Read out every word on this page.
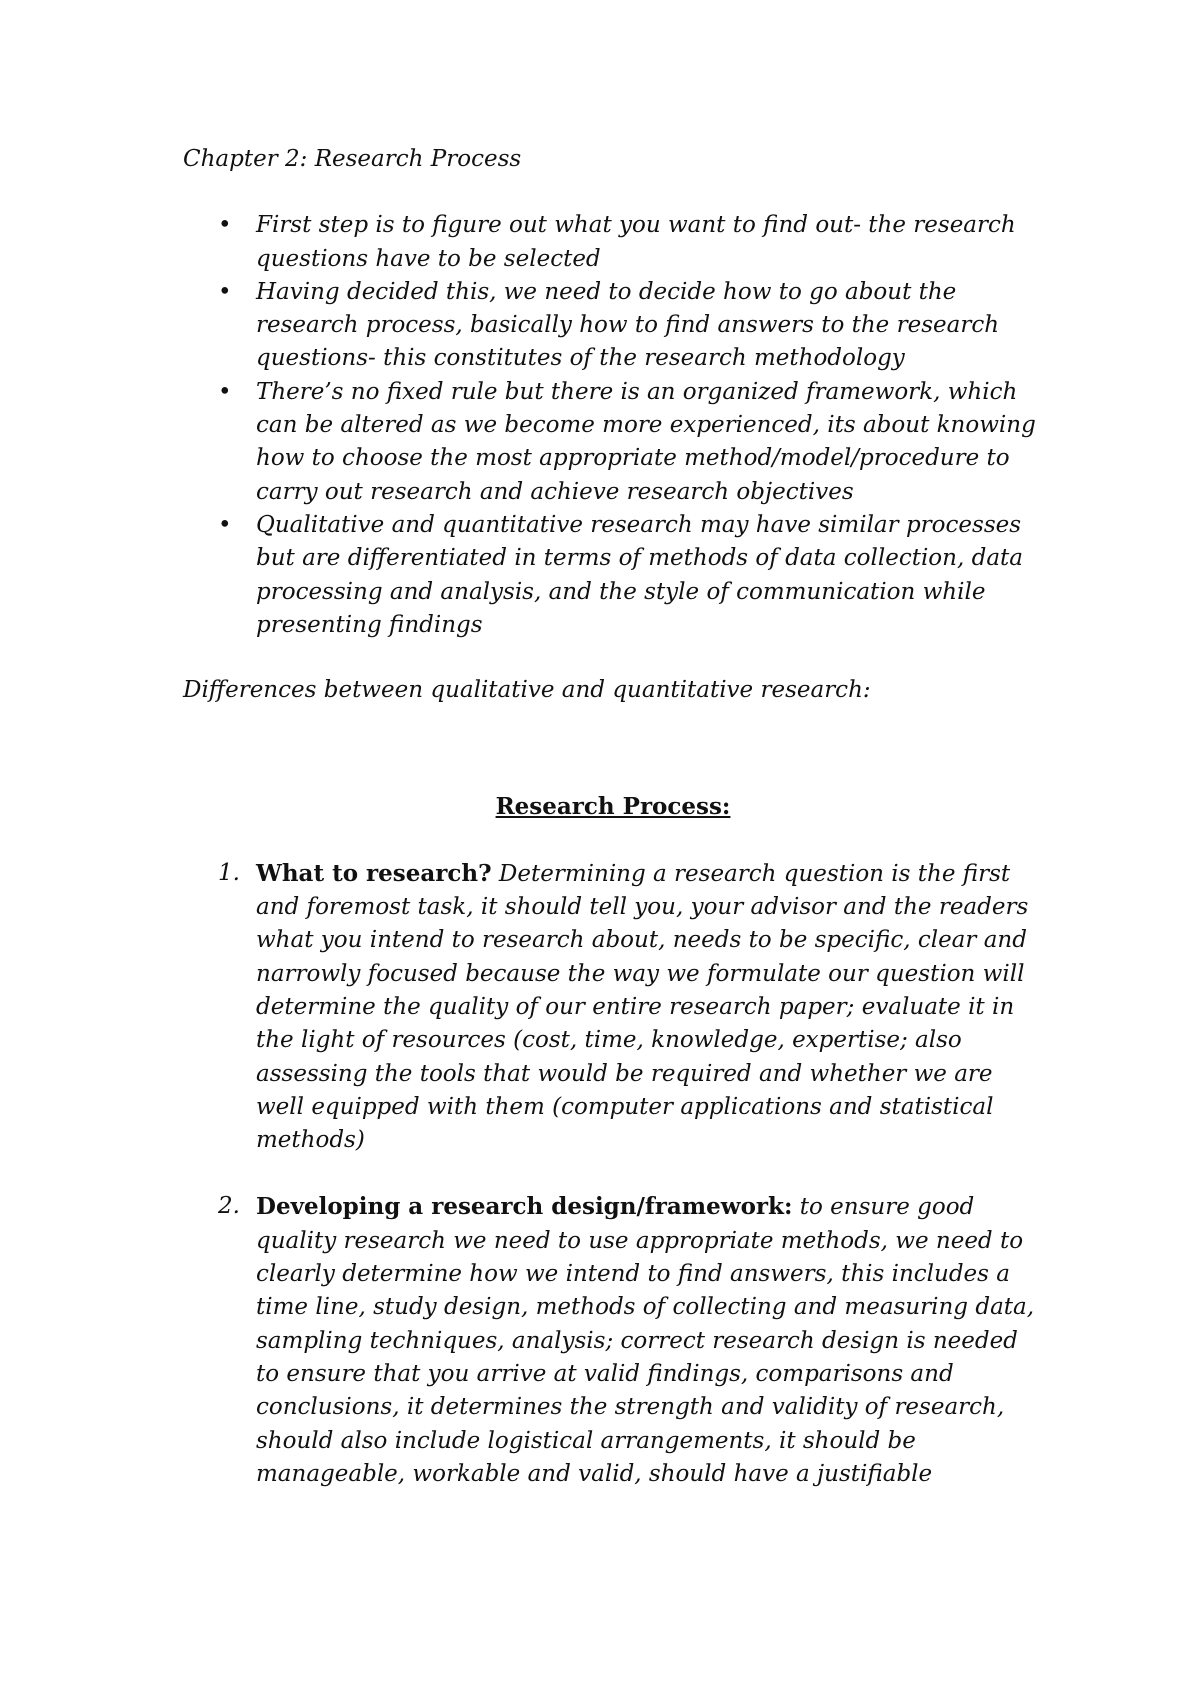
Chapter 2: Research Process

• First step is to figure out what you want to find out- the research questions have to be selected
• Having decided this, we need to decide how to go about the research process, basically how to find answers to the research questions- this constitutes of the research methodology
• There’s no fixed rule but there is an organized framework, which can be altered as we become more experienced, its about knowing how to choose the most appropriate method/model/procedure to carry out research and achieve research objectives
• Qualitative and quantitative research may have similar processes but are differentiated in terms of methods of data collection, data processing and analysis, and the style of communication while presenting findings

Differences between qualitative and quantitative research:

Research Process:

1. What to research? Determining a research question is the first and foremost task, it should tell you, your advisor and the readers what you intend to research about, needs to be specific, clear and narrowly focused because the way we formulate our question will determine the quality of our entire research paper; evaluate it in the light of resources (cost, time, knowledge, expertise; also assessing the tools that would be required and whether we are well equipped with them (computer applications and statistical methods)
2. Developing a research design/framework: to ensure good quality research we need to use appropriate methods, we need to clearly determine how we intend to find answers, this includes a time line, study design, methods of collecting and measuring data, sampling techniques, analysis; correct research design is needed to ensure that you arrive at valid findings, comparisons and conclusions, it determines the strength and validity of research, should also include logistical arrangements, it should be manageable, workable and valid, should have a justifiable
